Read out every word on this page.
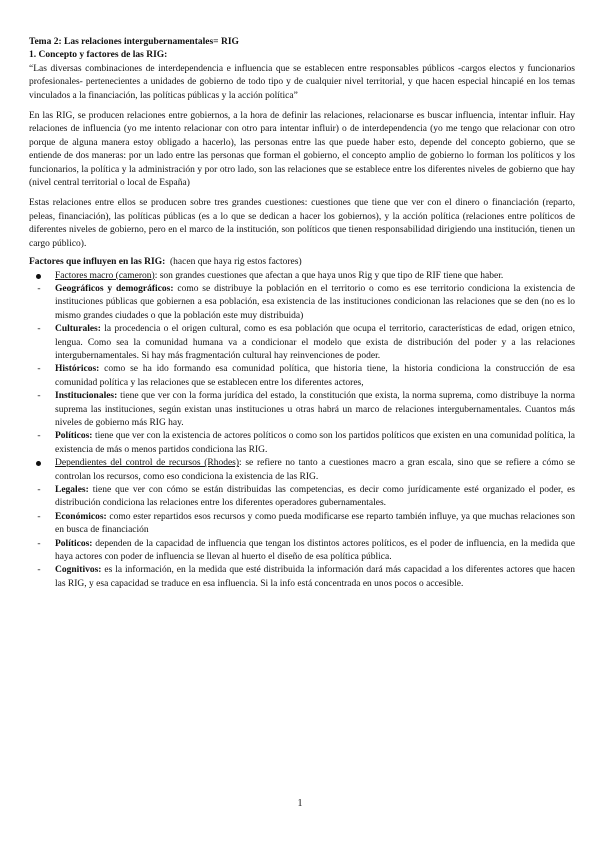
Tema 2: Las relaciones intergubernamentales= RIG

1. Concepto y factores de las RIG:

“Las diversas combinaciones de interdependencia e influencia que se establecen entre responsables públicos -cargos electos y funcionarios profesionales- pertenecientes a unidades de gobierno de todo tipo y de cualquier nivel territorial, y que hacen especial hincapié en los temas vinculados a la financiación, las políticas públicas y la acción política”

En las RIG, se producen relaciones entre gobiernos, a la hora de definir las relaciones, relacionarse es buscar influencia, intentar influir. Hay relaciones de influencia (yo me intento relacionar con otro para intentar influir) o de interdependencia (yo me tengo que relacionar con otro porque de alguna manera estoy obligado a hacerlo), las personas entre las que puede haber esto, depende del concepto gobierno, que se entiende de dos maneras: por un lado entre las personas que forman el gobierno, el concepto amplio de gobierno lo forman los políticos y los funcionarios, la política y la administración y por otro lado, son las relaciones que se establece entre los diferentes niveles de gobierno que hay (nivel central territorial o local de España)

Estas relaciones entre ellos se producen sobre tres grandes cuestiones: cuestiones que tiene que ver con el dinero o financiación (reparto, peleas, financiación), las políticas públicas (es a lo que se dedican a hacer los gobiernos), y la acción política (relaciones entre políticos de diferentes niveles de gobierno, pero en el marco de la institución, son políticos que tienen responsabilidad dirigiendo una institución, tienen un cargo público).

Factores que influyen en las RIG: (hacen que haya rig estos factores)

Factores macro (cameron): son grandes cuestiones que afectan a que haya unos Rig y que tipo de RIF tiene que haber.
-	Geográficos y demográficos: como se distribuye la población en el territorio o como es ese territorio condiciona la existencia de instituciones públicas que gobiernen a esa población, esa existencia de las instituciones condicionan las relaciones que se den (no es lo mismo grandes ciudades o que la población este muy distribuida)
-	Culturales: la procedencia o el origen cultural, como es esa población que ocupa el territorio, características de edad, origen etnico, lengua. Como sea la comunidad humana va a condicionar el modelo que exista de distribución del poder y a las relaciones intergubernamentales. Si hay más fragmentación cultural hay reinvenciones de poder.
-	Históricos: como se ha ido formando esa comunidad política, que historia tiene, la historia condiciona la construcción de esa comunidad política y las relaciones que se establecen entre los diferentes actores,
-	Institucionales: tiene que ver con la forma jurídica del estado, la constitución que exista, la norma suprema, como distribuye la norma suprema las instituciones, según existan unas instituciones u otras habrá un marco de relaciones intergubernamentales. Cuantos más niveles de gobierno más RIG hay.
-	Políticos: tiene que ver con la existencia de actores políticos o como son los partidos políticos que existen en una comunidad política, la existencia de más o menos partidos condiciona las RIG.
Dependientes del control de recursos (Rhodes): se refiere no tanto a cuestiones macro a gran escala, sino que se refiere a cómo se controlan los recursos, como eso condiciona la existencia de las RIG.
-	Legales: tiene que ver con cómo se están distribuidas las competencias, es decir como jurídicamente esté organizado el poder, es distribución condiciona las relaciones entre los diferentes operadores gubernamentales.
-	Económicos: como ester repartidos esos recursos y como pueda modificarse ese reparto también influye, ya que muchas relaciones son en busca de financiación
-	Políticos: dependen de la capacidad de influencia que tengan los distintos actores políticos, es el poder de influencia, en la medida que haya actores con poder de influencia se llevan al huerto el diseño de esa política pública.
-	Cognitivos: es la información, en la medida que esté distribuida la información dará más capacidad a los diferentes actores que hacen las RIG, y esa capacidad se traduce en esa influencia. Si la info está concentrada en unos pocos o accesible.
1
